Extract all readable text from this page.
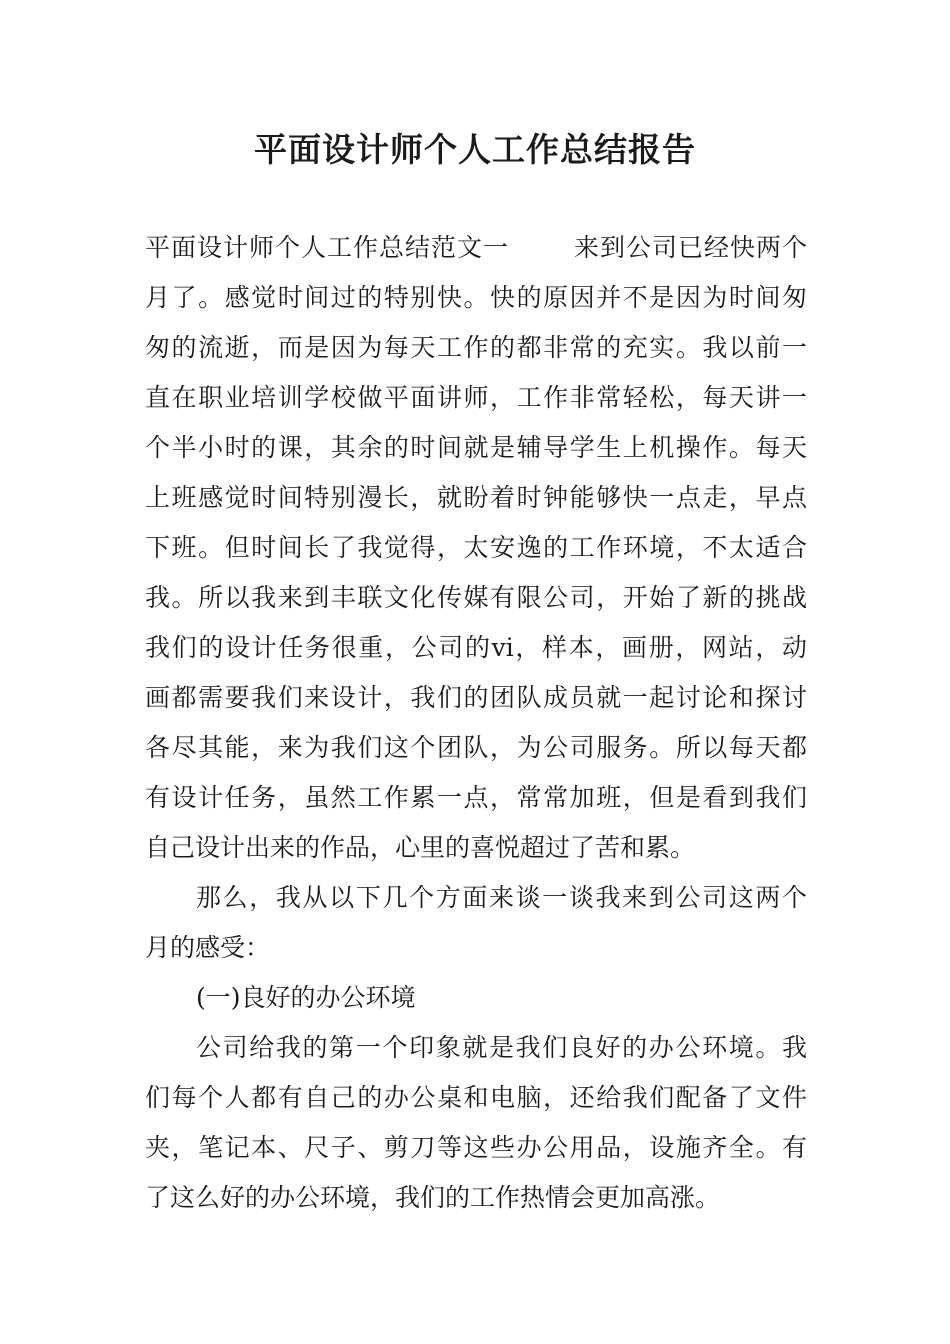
平面设计师个人工作总结报告
平面设计师个人工作总结范文一	来到公司已经快两个
月了。感觉时间过的特别快。快的原因并不是因为时间匆
匆的流逝，而是因为每天工作的都非常的充实。我以前一
直在职业培训学校做平面讲师，工作非常轻松，每天讲一
个半小时的课，其余的时间就是辅导学生上机操作。每天
上班感觉时间特别漫长，就盼着时钟能够快一点走，早点
下班。但时间长了我觉得，太安逸的工作环境，不太适合
我。所以我来到丰联文化传媒有限公司，开始了新的挑战
我们的设计任务很重，公司的vi，样本，画册，网站，动
画都需要我们来设计，我们的团队成员就一起讨论和探讨
各尽其能，来为我们这个团队，为公司服务。所以每天都
有设计任务，虽然工作累一点，常常加班，但是看到我们
自己设计出来的作品，心里的喜悦超过了苦和累。
那么，我从以下几个方面来谈一谈我来到公司这两个
月的感受：
(一)良好的办公环境
公司给我的第一个印象就是我们良好的办公环境。我
们每个人都有自己的办公桌和电脑，还给我们配备了文件
夹，笔记本、尺子、剪刀等这些办公用品，设施齐全。有
了这么好的办公环境，我们的工作热情会更加高涨。
